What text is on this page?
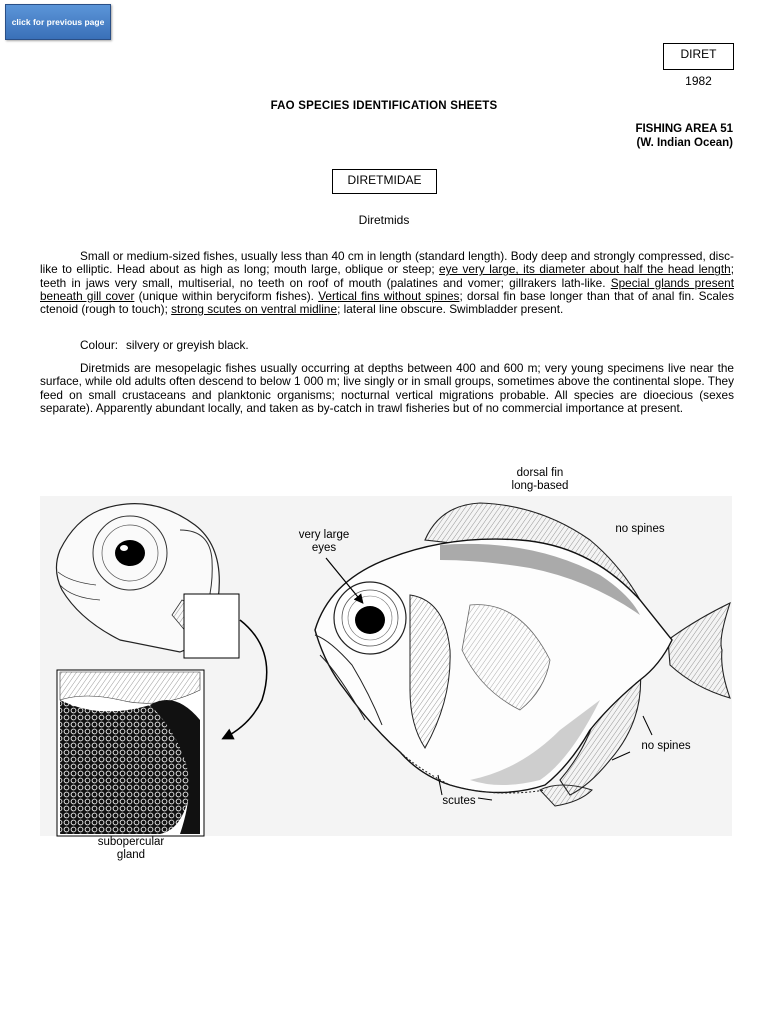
click for previous page
DIRET
1982
FAO SPECIES IDENTIFICATION SHEETS
FISHING AREA 51
(W. Indian Ocean)
DIRETMIDAE
Diretmids

Small or medium-sized fishes, usually less than 40 cm in length (standard length). Body deep and strongly compressed, disc-like to elliptic. Head about as high as long; mouth large, oblique or steep; eye very large, its diameter about half the head length; teeth in jaws very small, multiserial, no teeth on roof of mouth (palatines and vomer; gillrakers lath-like. Special glands present beneath gill cover (unique within beryciform fishes). Vertical fins without spines; dorsal fin base longer than that of anal fin. Scales ctenoid (rough to touch); strong scutes on ventral midline; lateral line obscure. Swimbladder present.

Colour: silvery or greyish black.

Diretmids are mesopelagic fishes usually occurring at depths between 400 and 600 m; very young specimens live near the surface, while old adults often descend to below 1 000 m; live singly or in small groups, sometimes above the continental slope. They feed on small crustaceans and planktonic organisms; nocturnal vertical migrations probable. All species are dioecious (sexes separate). Apparently abundant locally, and taken as by-catch in trawl fisheries but of no commercial importance at present.

dorsal fin
long-based
very large
eyes
no spines
no spines
scutes
subopercular
gland
